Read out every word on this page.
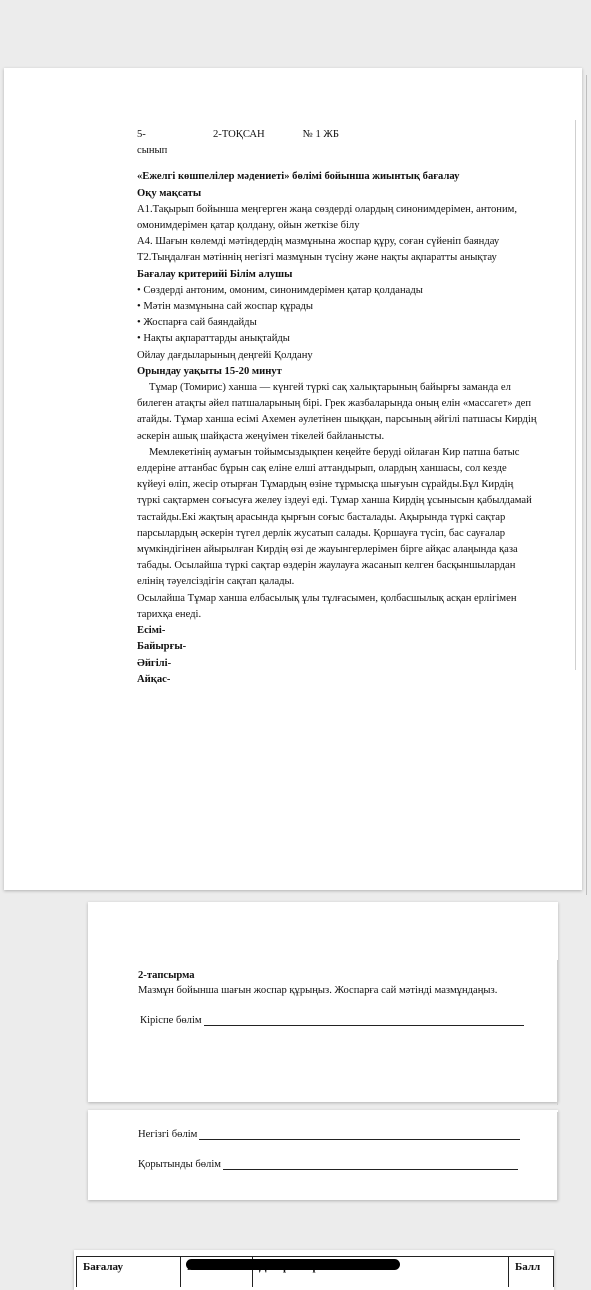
5-сынып
2-ТОҚСАН	№ 1 ЖБ

«Ежелгі көшпелілер мәдениеті» бөлімі бойынша жиынтық бағалау

Оқу мақсаты

А1.Тақырып бойынша меңгерген жаңа сөздерді олардың синонимдерімен, антоним, омонимдерімен қатар қолдану, ойын жеткізе білу

А4. Шағын көлемді мәтіндердің мазмұнына жоспар құру, соған сүйеніп баяндау

Т2.Тыңдалған мәтіннің негізгі мазмұнын түсіну және нақты ақпаратты анықтау

Бағалау критерийі Білім алушы

• Сөздерді антоним, омоним, синонимдерімен қатар қолданады

• Мәтін мазмұнына сай жоспар құрады

• Жоспарға сай баяндайды

• Нақты ақпараттарды анықтайды

Ойлау дағдыларының деңгейі Қолдану

Орындау уақыты 15-20 минут

Тұмар (Томирис) ханша — күнгей түркі сақ халықтарының байырғы заманда ел билеген атақты әйел патшаларының бірі. Грек жазбаларында оның елін «массагет» деп атайды. Тұмар ханша есімі Ахемен әулетінен шыққан, парсының әйгілі патшасы Кирдің әскерін ашық шайқаста жеңуімен тікелей байланысты.

Мемлекетінің аумағын тойымсыздықпен кеңейте беруді ойлаған Кир патша батыс елдеріне аттанбас бұрын сақ еліне елші аттандырып, олардың ханшасы, сол кезде күйеуі өліп, жесір отырған Тұмардың өзіне тұрмысқа шығуын сұрайды.Бұл Кирдің түркі сақтармен соғысуға желеу іздеуі еді. Тұмар ханша Кирдің ұсынысын қабылдамай тастайды.Екі жақтың арасында қырғын соғыс басталады. Ақырында түркі сақтар парсылардың әскерін түгел дерлік жусатып салады. Қоршауға түсіп, бас сауғалар мүмкіндігінен айырылған Кирдің өзі де жауынгерлерімен бірге айқас алаңында қаза табады. Осылайша түркі сақтар өздерін жаулауға жасанып келген басқыншылардан елінің тәуелсіздігін сақтап қалады.

Осылайша Тұмар ханша елбасылық ұлы тұлғасымен, қолбасшылық асқан ерлігімен тарихқа енеді.

Есімі-

Байырғы-

Әйгілі-

Айқас-

2-тапсырма

Мазмұн бойынша шағын жоспар құрыңыз. Жоспарға сай мәтінді мазмұндаңыз.

Кіріспе бөлім
Негізгі бөлім
Қорытынды бөлім
Бағалау	Балл
